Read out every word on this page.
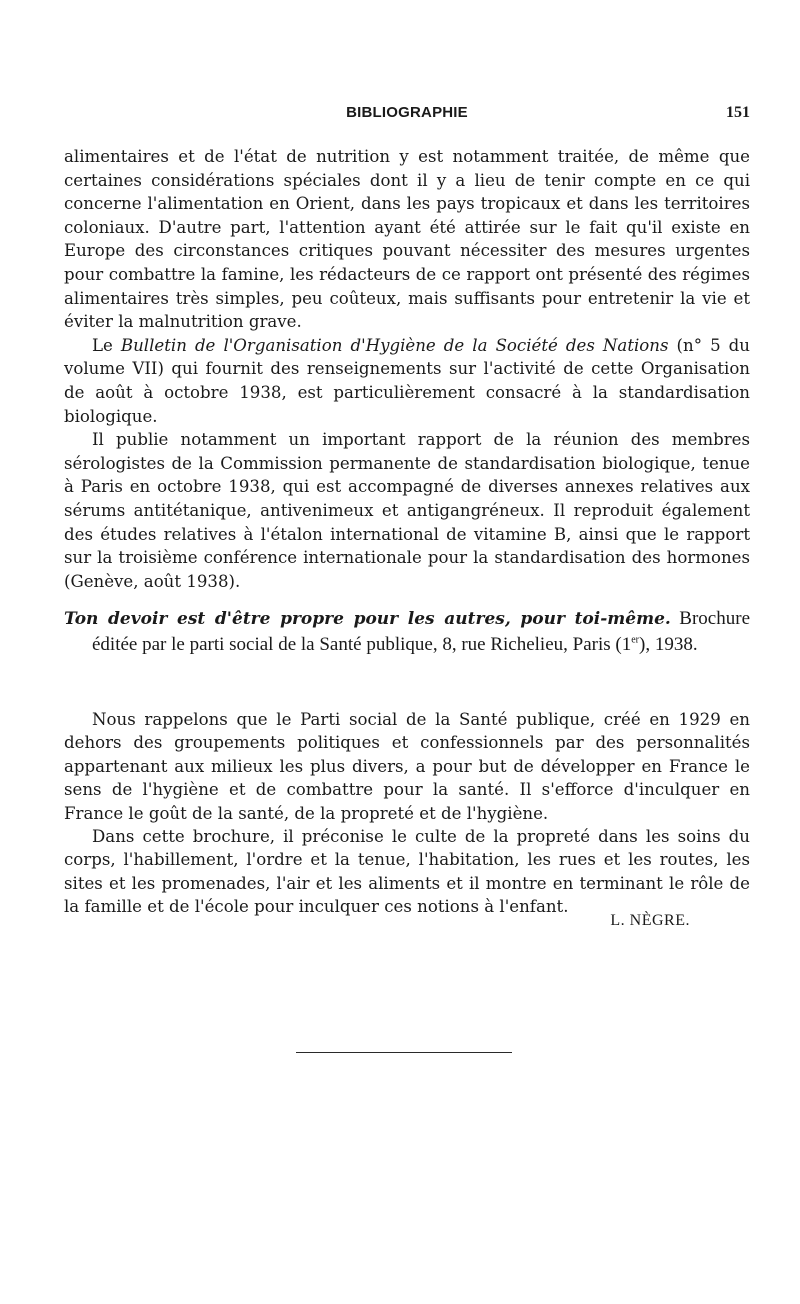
BIBLIOGRAPHIE	151

alimentaires et de l'état de nutrition y est notamment traitée, de même que certaines considérations spéciales dont il y a lieu de tenir compte en ce qui concerne l'alimentation en Orient, dans les pays tropicaux et dans les territoires coloniaux. D'autre part, l'attention ayant été attirée sur le fait qu'il existe en Europe des circonstances critiques pouvant nécessiter des mesures urgentes pour combattre la famine, les rédacteurs de ce rapport ont présenté des régimes alimentaires très simples, peu coûteux, mais suffisants pour entretenir la vie et éviter la malnutrition grave.

Le Bulletin de l'Organisation d'Hygiène de la Société des Nations (n° 5 du volume VII) qui fournit des renseignements sur l'activité de cette Organisation de août à octobre 1938, est particulièrement consacré à la standardisation biologique.

Il publie notamment un important rapport de la réunion des membres sérologistes de la Commission permanente de standardisation biologique, tenue à Paris en octobre 1938, qui est accompagné de diverses annexes relatives aux sérums antitétanique, antivenimeux et antigangréneux. Il reproduit également des études relatives à l'étalon international de vitamine B, ainsi que le rapport sur la troisième conférence internationale pour la standardisation des hormones (Genève, août 1938).

Ton devoir est d'être propre pour les autres, pour toi-même. Brochure éditée par le parti social de la Santé publique, 8, rue Richelieu, Paris (1er), 1938.

Nous rappelons que le Parti social de la Santé publique, créé en 1929 en dehors des groupements politiques et confessionnels par des personnalités appartenant aux milieux les plus divers, a pour but de développer en France le sens de l'hygiène et de combattre pour la santé. Il s'efforce d'inculquer en France le goût de la santé, de la propreté et de l'hygiène.

Dans cette brochure, il préconise le culte de la propreté dans les soins du corps, l'habillement, l'ordre et la tenue, l'habitation, les rues et les routes, les sites et les promenades, l'air et les aliments et il montre en terminant le rôle de la famille et de l'école pour inculquer ces notions à l'enfant.

L. NÈGRE.
